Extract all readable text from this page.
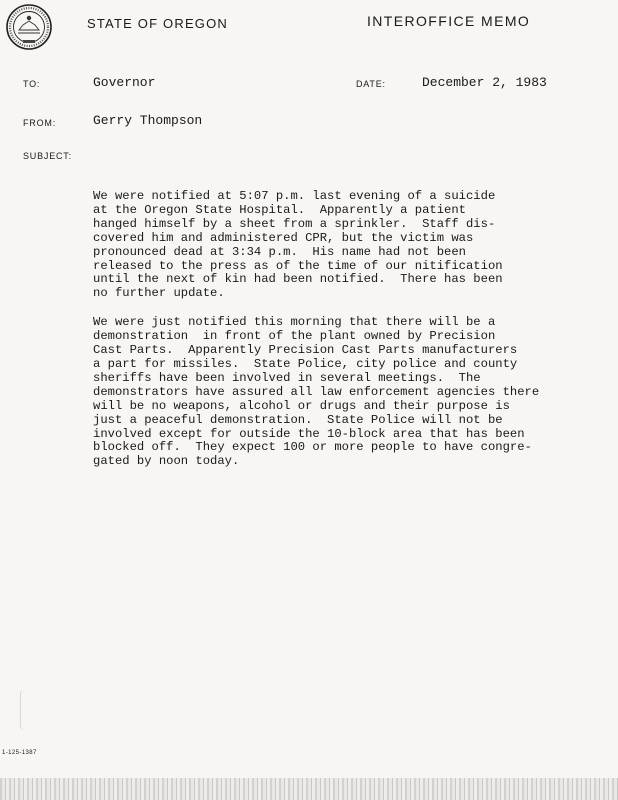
STATE OF OREGON	INTEROFFICE MEMO
TO:	Governor	DATE:	December 2, 1983
FROM:	Gerry Thompson
SUBJECT:
We were notified at 5:07 p.m. last evening of a suicide
at the Oregon State Hospital.  Apparently a patient
hanged himself by a sheet from a sprinkler.  Staff dis-
covered him and administered CPR, but the victim was
pronounced dead at 3:34 p.m.  His name had not been
released to the press as of the time of our nitification
until the next of kin had been notified.  There has been
no further update.
We were just notified this morning that there will be a
demonstration  in front of the plant owned by Precision
Cast Parts.  Apparently Precision Cast Parts manufacturers
a part for missiles.  State Police, city police and county
sheriffs have been involved in several meetings.  The
demonstrators have assured all law enforcement agencies there
will be no weapons, alcohol or drugs and their purpose is
just a peaceful demonstration.  State Police will not be
involved except for outside the 10-block area that has been
blocked off.  They expect 100 or more people to have congre-
gated by noon today.
1-125-1387
